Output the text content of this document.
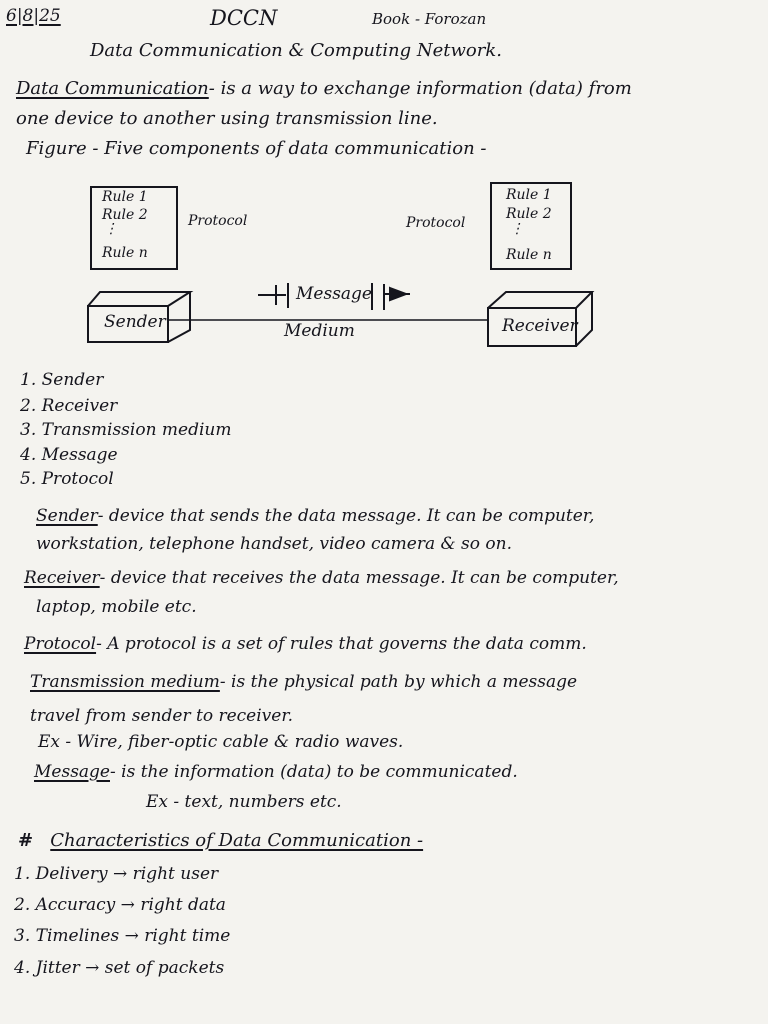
6|8|25	DCCN	Book - Forozan
Data Communication & Computing Network.
Data Communication- is a way to exchange information (data) from
one device to another using transmission line.
Figure - Five components of data communication -
Rule 1
Rule 2
⋮
Rule n
Protocol
Rule 1
Rule 2
⋮
Rule n
Protocol
Message
Medium
Sender	Receiver
1. Sender
2. Receiver
3. Transmission medium
4. Message
5. Protocol
Sender- device that sends the data message. It can be computer,
workstation, telephone handset, video camera & so on.
Receiver- device that receives the data message. It can be computer,
laptop, mobile etc.
Protocol- A protocol is a set of rules that governs the data comm.
Transmission medium- is the physical path by which a message
travel from sender to receiver.
Ex - Wire, fiber-optic cable & radio waves.
Message- is the information (data) to be communicated.
Ex - text, numbers etc.
# Characteristics of Data Communication -
1. Delivery → right user
2. Accuracy → right data
3. Timelines → right time
4. Jitter → set of packets
